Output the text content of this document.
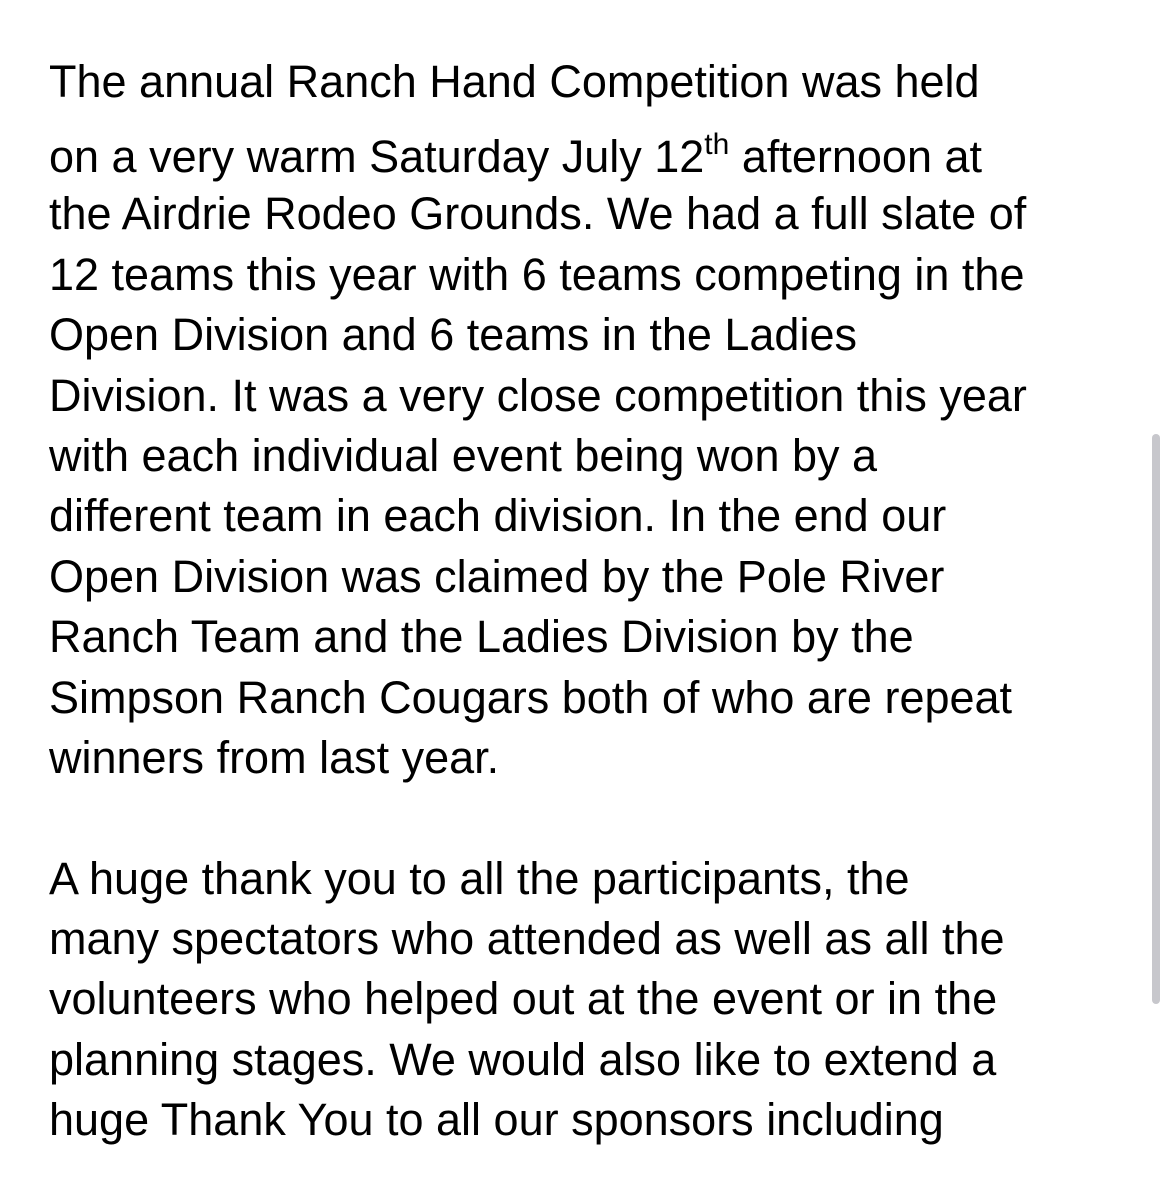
The annual Ranch Hand Competition was held
on a very warm Saturday July 12th afternoon at
the Airdrie Rodeo Grounds. We had a full slate of
12 teams this year with 6 teams competing in the
Open Division and 6 teams in the Ladies
Division. It was a very close competition this year
with each individual event being won by a
different team in each division. In the end our
Open Division was claimed by the Pole River
Ranch Team and the Ladies Division by the
Simpson Ranch Cougars both of who are repeat
winners from last year.
A huge thank you to all the participants, the
many spectators who attended as well as all the
volunteers who helped out at the event or in the
planning stages. We would also like to extend a
huge Thank You to all our sponsors including
